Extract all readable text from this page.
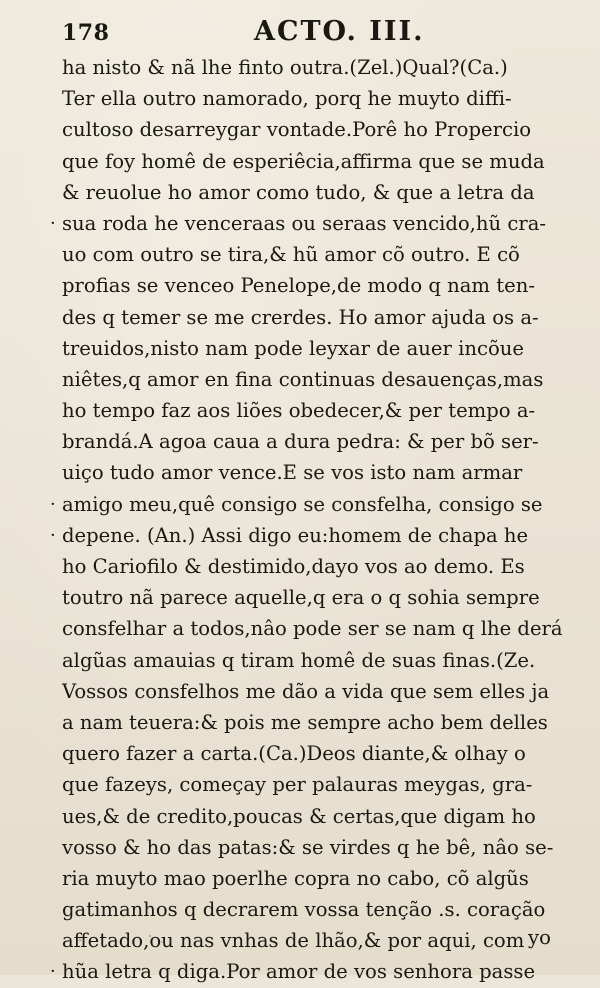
178	ACTO. III.
ha nisto & nã lhe finto outra.(Zel.)Qual?(Ca.)
Ter ella outro namorado, porq he muyto diffi-
cultoso desarreygar vontade.Porê ho Propercio
que foy homê de esperiêcia,affirma que se muda
& reuolue ho amor como tudo, & que a letra da
· sua roda he venceraas ou seraas vencido,hũ cra-
uo com outro se tira,& hũ amor cõ outro. E cõ
profias se venceo Penelope,de modo q nam ten-
des q temer se me crerdes. Ho amor ajuda os a-
treuidos,nisto nam pode leyxar de auer incõue
niêtes,q amor en fina continuas desauenças,mas
ho tempo faz aos liões obedecer,& per tempo a-
brandá.A agoa caua a dura pedra: & per bõ ser-
uiço tudo amor vence.E se vos isto nam armar
· amigo meu,quê consigo se consfelha, consigo se
· depene. (An.) Assi digo eu:homem de chapa he
ho Cariofilo & destimido,dayo vos ao demo. Es
toutro nã parece aquelle,q era o q sohia sempre
consfelhar a todos,nâo pode ser se nam q lhe derá
algũas amauias q tiram homê de suas finas.(Ze.
Vossos consfelhos me dão a vida que sem elles ja
a nam teuera:& pois me sempre acho bem delles
quero fazer a carta.(Ca.)Deos diante,& olhay o
que fazeys, começay per palauras meygas, gra-
ues,& de credito,poucas & certas,que digam ho
vosso & ho das patas:& se virdes q he bê, nâo se-
ria muyto mao poerlhe copra no cabo, cõ algũs
gatimanhos q decrarem vossa tenção .s. coração
affetado,ou nas vnhas de lhão,& por aqui, com
· hũa letra q diga.Por amor de vos senhora passe
yo
